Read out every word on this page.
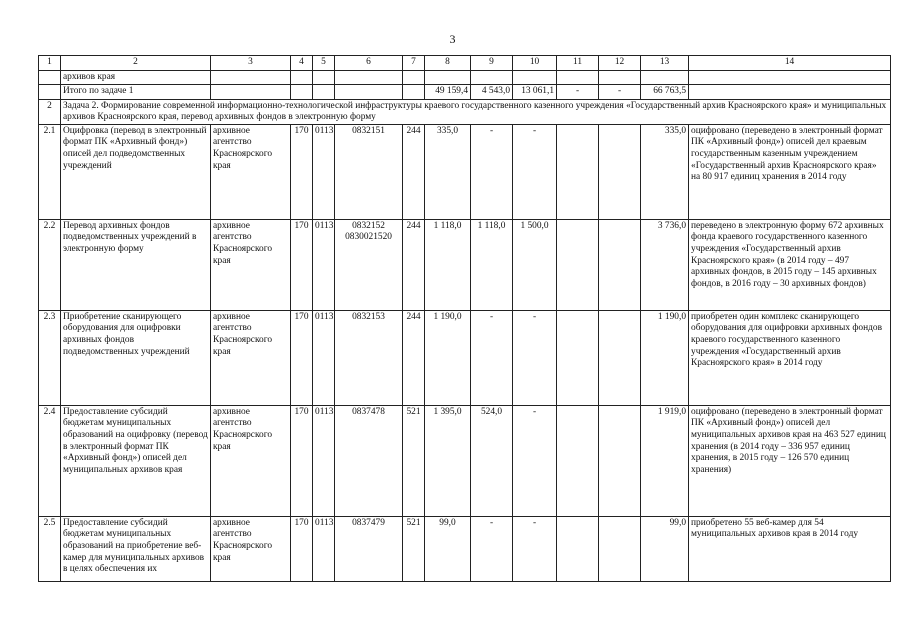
3
1	2	3	4	5	6	7	8	9	10	11	12	13	14
	архивов края												
	Итого по задаче 1						49 159,4	4 543,0	13 061,1	-	-	66 763,5	
2	Задача 2. Формирование современной информационно-технологической инфраструктуры краевого государственного казенного учреждения «Государственный архив Красноярского края» и муниципальных архивов Красноярского края, перевод архивных фондов в электронную форму												
2.1	Оцифровка (перевод в электронный формат ПК «Архивный фонд») описей дел подведомственных учреждений	архивное агентство Красноярского края	170	0113	0832151	244	335,0	-	-			335,0	оцифровано (переведено в электронный формат ПК «Архивный фонд») описей дел краевым государственным казенным учреждением «Государственный архив Красноярского края» на 80 917 единиц хранения в 2014 году
2.2	Перевод архивных фондов подведомственных учреждений в электронную форму	архивное агентство Красноярского края	170	0113	0832152 0830021520	244	1 118,0	1 118,0	1 500,0			3 736,0	переведено в электронную форму 672 архивных фонда краевого государственного казенного учреждения «Государственный архив Красноярского края» (в 2014 году – 497 архивных фондов, в 2015 году – 145 архивных фондов, в 2016 году – 30 архивных фондов)
2.3	Приобретение сканирующего оборудования для оцифровки архивных фондов подведомственных учреждений	архивное агентство Красноярского края	170	0113	0832153	244	1 190,0	-	-			1 190,0	приобретен один комплекс сканирующего оборудования для оцифровки архивных фондов краевого государственного казенного учреждения «Государственный архив Красноярского края» в 2014 году
2.4	Предоставление субсидий бюджетам муниципальных образований на оцифровку (перевод в электронный формат ПК «Архивный фонд») описей дел муниципальных архивов края	архивное агентство Красноярского края	170	0113	0837478	521	1 395,0	524,0	-			1 919,0	оцифровано (переведено в электронный формат ПК «Архивный фонд») описей дел муниципальных архивов края на 463 527 единиц хранения (в 2014 году – 336 957 единиц хранения, в 2015 году – 126 570 единиц хранения)
2.5	Предоставление субсидий бюджетам муниципальных образований на приобретение веб-камер для муниципальных архивов в целях обеспечения их	архивное агентство Красноярского края	170	0113	0837479	521	99,0	-	-			99,0	приобретено 55 веб-камер для 54 муниципальных архивов края в 2014 году
